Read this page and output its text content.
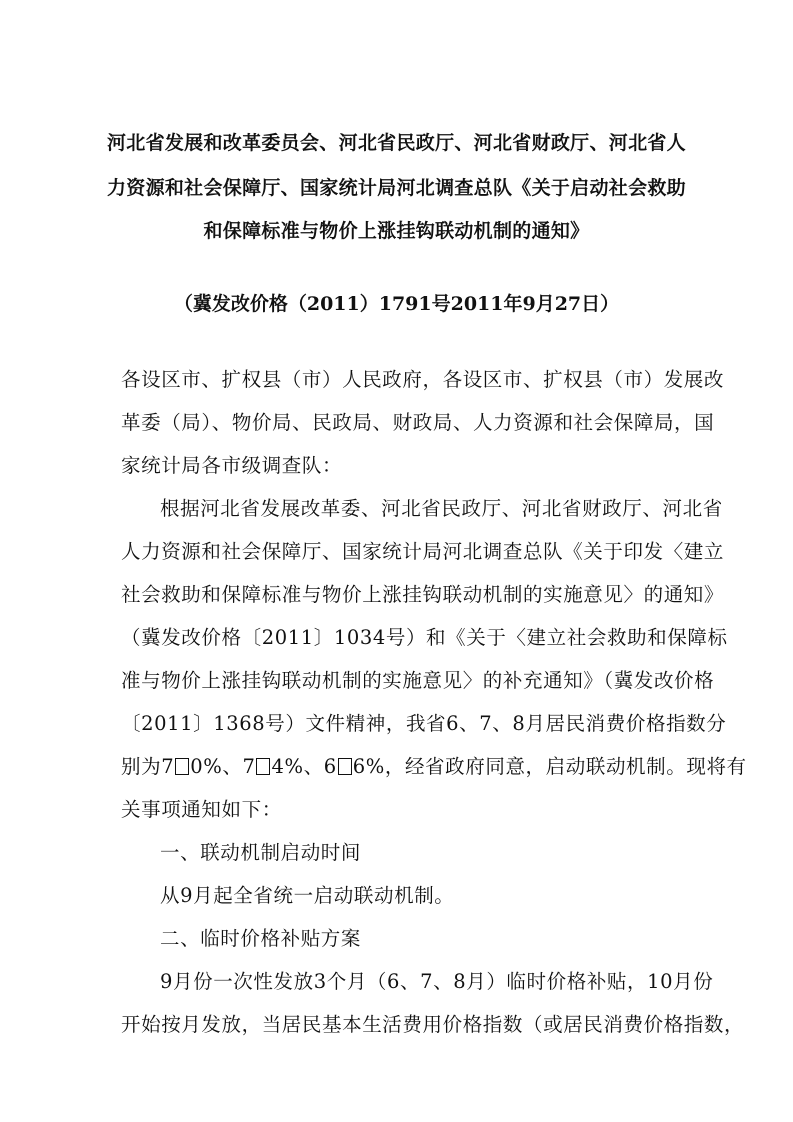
河北省发展和改革委员会、河北省民政厅、河北省财政厅、河北省人
力资源和社会保障厅、国家统计局河北调查总队《关于启动社会救助
和保障标准与物价上涨挂钩联动机制的通知》
（冀发改价格（2011）1791号2011年9月27日）
各设区市、扩权县（市）人民政府，各设区市、扩权县（市）发展改
革委（局）、物价局、民政局、财政局、人力资源和社会保障局，国
家统计局各市级调查队：
根据河北省发展改革委、河北省民政厅、河北省财政厅、河北省
人力资源和社会保障厅、国家统计局河北调查总队《关于印发〈建立
社会救助和保障标准与物价上涨挂钩联动机制的实施意见〉的通知》
（冀发改价格〔2011〕1034号）和《关于〈建立社会救助和保障标
准与物价上涨挂钩联动机制的实施意见〉的补充通知》（冀发改价格
〔2011〕1368号）文件精神，我省6、7、8月居民消费价格指数分
别为7 0%、7 4%、6 6%，经省政府同意，启动联动机制。现将有
关事项通知如下：
一、联动机制启动时间
从9月起全省统一启动联动机制。
二、临时价格补贴方案
9月份一次性发放3个月（6、7、8月）临时价格补贴，10月份
开始按月发放，当居民基本生活费用价格指数（或居民消费价格指数，
